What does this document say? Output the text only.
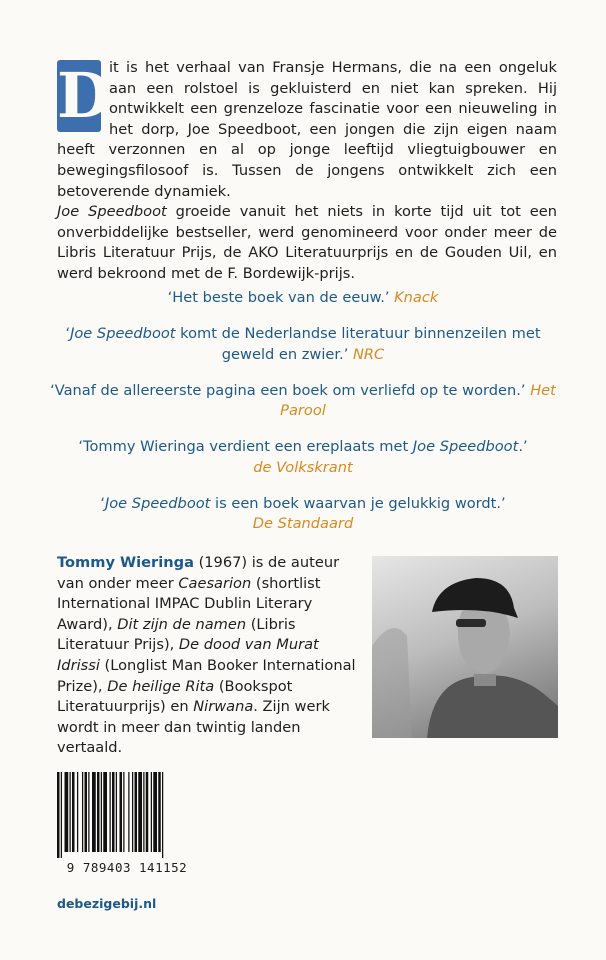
D

it is het verhaal van Fransje Hermans, die na een ongeluk aan een rolstoel is gekluisterd en niet kan spreken. Hij ontwikkelt een grenzeloze fascinatie voor een nieuweling in het dorp, Joe Speedboot, een jongen die zijn eigen naam heeft verzonnen en al op jonge leeftijd vliegtuigbouwer en bewegingsfilosoof is. Tussen de jongens ontwikkelt zich een betoverende dynamiek.

Joe Speedboot groeide vanuit het niets in korte tijd uit tot een onverbiddelijke bestseller, werd genomineerd voor onder meer de Libris Literatuur Prijs, de AKO Literatuurprijs en de Gouden Uil, en werd bekroond met de F. Bordewijk-prijs.

‘Het beste boek van de eeuw.’ Knack
‘Joe Speedboot komt de Nederlandse literatuur binnenzeilen met geweld en zwier.’ NRC
‘Vanaf de allereerste pagina een boek om verliefd op te worden.’ Het Parool
‘Tommy Wieringa verdient een ereplaats met Joe Speedboot.’
de Volkskrant
‘Joe Speedboot is een boek waarvan je gelukkig wordt.’
De Standaard
Tommy Wieringa (1967) is de auteur van onder meer Caesarion (shortlist International IMPAC Dublin Literary Award), Dit zijn de namen (Libris Literatuur Prijs), De dood van Murat Idrissi (Longlist Man Booker International Prize), De heilige Rita (Bookspot Literatuurprijs) en Nirwana. Zijn werk wordt in meer dan twintig landen vertaald.
9 789403 141152
debezigebij.nl
